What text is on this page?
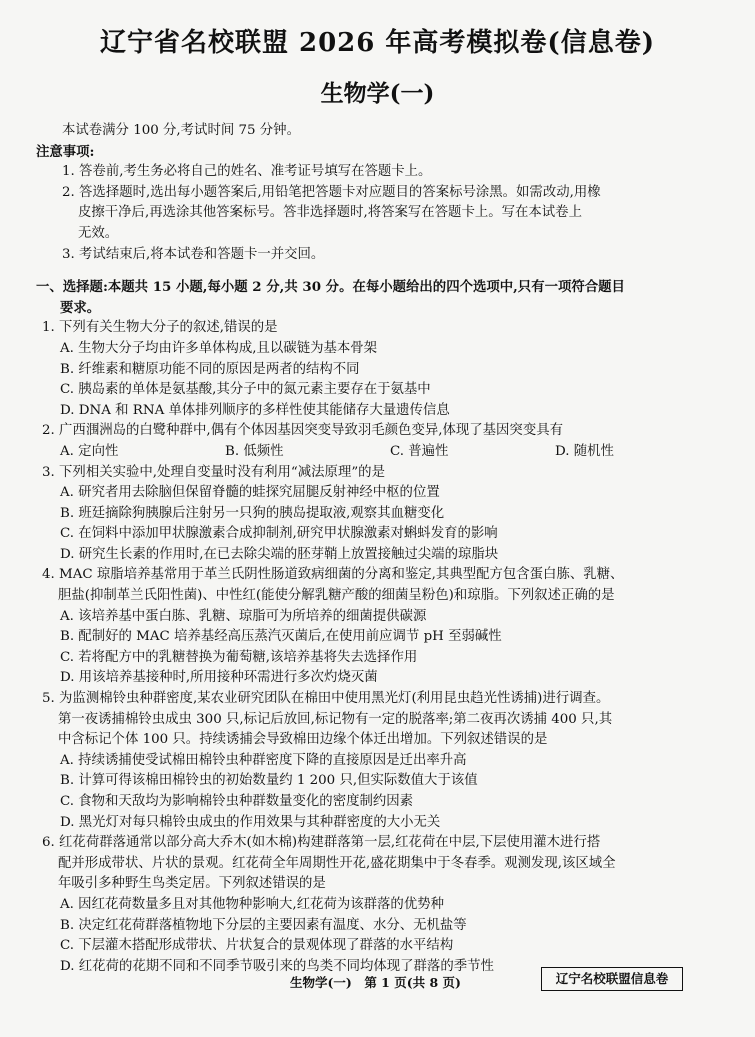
辽宁省名校联盟 2026 年高考模拟卷(信息卷)
生物学(一)
本试卷满分 100 分,考试时间 75 分钟。
注意事项:
1. 答卷前,考生务必将自己的姓名、准考证号填写在答题卡上。
2. 答选择题时,选出每小题答案后,用铅笔把答题卡对应题目的答案标号涂黑。如需改动,用橡
皮擦干净后,再选涂其他答案标号。答非选择题时,将答案写在答题卡上。写在本试卷上
无效。
3. 考试结束后,将本试卷和答题卡一并交回。
一、选择题:本题共 15 小题,每小题 2 分,共 30 分。在每小题给出的四个选项中,只有一项符合题目
要求。
1. 下列有关生物大分子的叙述,错误的是
A. 生物大分子均由许多单体构成,且以碳链为基本骨架
B. 纤维素和糖原功能不同的原因是两者的结构不同
C. 胰岛素的单体是氨基酸,其分子中的氮元素主要存在于氨基中
D. DNA 和 RNA 单体排列顺序的多样性使其能储存大量遗传信息
2. 广西涠洲岛的白鹭种群中,偶有个体因基因突变导致羽毛颜色变异,体现了基因突变具有
A. 定向性	B. 低频性	C. 普遍性	D. 随机性
3. 下列相关实验中,处理自变量时没有利用“减法原理”的是
A. 研究者用去除脑但保留脊髓的蛙探究屈腿反射神经中枢的位置
B. 班廷摘除狗胰腺后注射另一只狗的胰岛提取液,观察其血糖变化
C. 在饲料中添加甲状腺激素合成抑制剂,研究甲状腺激素对蝌蚪发育的影响
D. 研究生长素的作用时,在已去除尖端的胚芽鞘上放置接触过尖端的琼脂块
4. MAC 琼脂培养基常用于革兰氏阴性肠道致病细菌的分离和鉴定,其典型配方包含蛋白胨、乳糖、
胆盐(抑制革兰氏阳性菌)、中性红(能使分解乳糖产酸的细菌呈粉色)和琼脂。下列叙述正确的是
A. 该培养基中蛋白胨、乳糖、琼脂可为所培养的细菌提供碳源
B. 配制好的 MAC 培养基经高压蒸汽灭菌后,在使用前应调节 pH 至弱碱性
C. 若将配方中的乳糖替换为葡萄糖,该培养基将失去选择作用
D. 用该培养基接种时,所用接种环需进行多次灼烧灭菌
5. 为监测棉铃虫种群密度,某农业研究团队在棉田中使用黑光灯(利用昆虫趋光性诱捕)进行调查。
第一夜诱捕棉铃虫成虫 300 只,标记后放回,标记物有一定的脱落率;第二夜再次诱捕 400 只,其
中含标记个体 100 只。持续诱捕会导致棉田边缘个体迁出增加。下列叙述错误的是
A. 持续诱捕使受试棉田棉铃虫种群密度下降的直接原因是迁出率升高
B. 计算可得该棉田棉铃虫的初始数量约 1 200 只,但实际数值大于该值
C. 食物和天敌均为影响棉铃虫种群数量变化的密度制约因素
D. 黑光灯对每只棉铃虫成虫的作用效果与其种群密度的大小无关
6. 红花荷群落通常以部分高大乔木(如木棉)构建群落第一层,红花荷在中层,下层使用灌木进行搭
配并形成带状、片状的景观。红花荷全年周期性开花,盛花期集中于冬春季。观测发现,该区域全
年吸引多种野生鸟类定居。下列叙述错误的是
A. 因红花荷数量多且对其他物种影响大,红花荷为该群落的优势种
B. 决定红花荷群落植物地下分层的主要因素有温度、水分、无机盐等
C. 下层灌木搭配形成带状、片状复合的景观体现了群落的水平结构
D. 红花荷的花期不同和不同季节吸引来的鸟类不同均体现了群落的季节性
生物学(一)　第 1 页(共 8 页)	辽宁名校联盟信息卷
